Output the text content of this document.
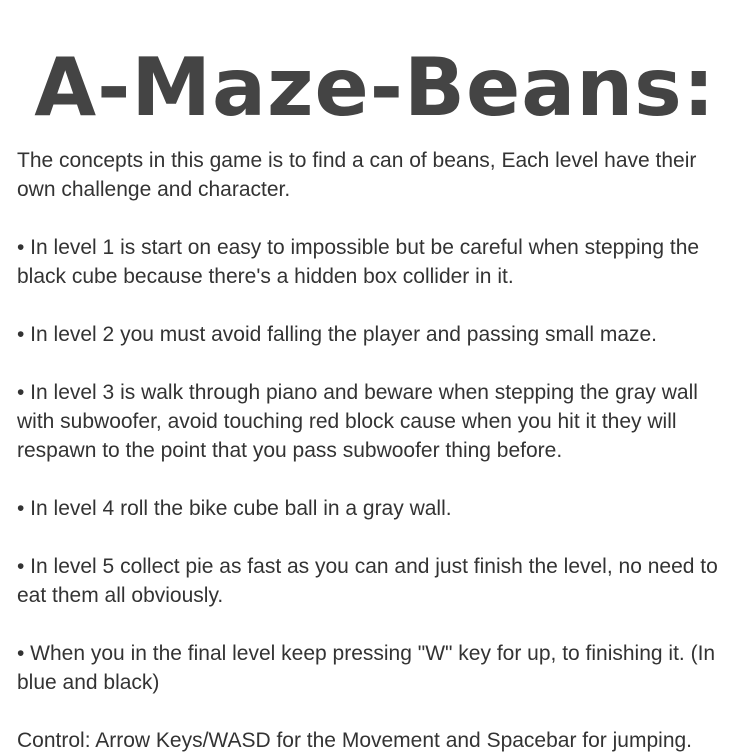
A-Maze-Beans:

The concepts in this game is to find a can of beans, Each level have their own challenge and character.

• In level 1 is start on easy to impossible but be careful when stepping the black cube because there's a hidden box collider in it.

• In level 2 you must avoid falling the player and passing small maze.

• In level 3 is walk through piano and beware when stepping the gray wall with subwoofer, avoid touching red block cause when you hit it they will respawn to the point that you pass subwoofer thing before.

• In level 4 roll the bike cube ball in a gray wall.

• In level 5 collect pie as fast as you can and just finish the level, no need to eat them all obviously.

• When you in the final level keep pressing "W" key for up, to finishing it. (In blue and black)

Control: Arrow Keys/WASD for the Movement and Spacebar for jumping.
